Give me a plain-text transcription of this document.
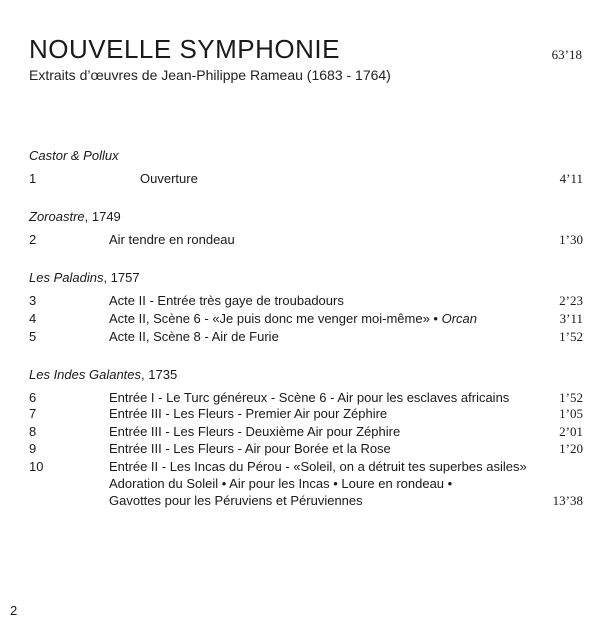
NOUVELLE SYMPHONIE	63’18
Extraits d’œuvres de Jean-Philippe Rameau (1683 - 1764)
Castor & Pollux
1	Ouverture	4’11
Zoroastre, 1749
2	Air tendre en rondeau	1’30
Les Paladins, 1757
3	Acte II - Entrée très gaye de troubadours	2’23
4	Acte II, Scène 6 - «Je puis donc me venger moi-même» • Orcan	3’11
5	Acte II, Scène 8 - Air de Furie	1’52
Les Indes Galantes, 1735
6	Entrée I - Le Turc généreux - Scène 6 - Air pour les esclaves africains	1’52
7	Entrée III - Les Fleurs - Premier Air pour Zéphire	1’05
8	Entrée III - Les Fleurs - Deuxième Air pour Zéphire	2’01
9	Entrée III - Les Fleurs - Air pour Borée et la Rose	1’20
10	Entrée II - Les Incas du Pérou - «Soleil, on a détruit tes superbes asiles»
Adoration du Soleil • Air pour les Incas • Loure en rondeau •
Gavottes pour les Péruviens et Péruviennes	13’38
2
